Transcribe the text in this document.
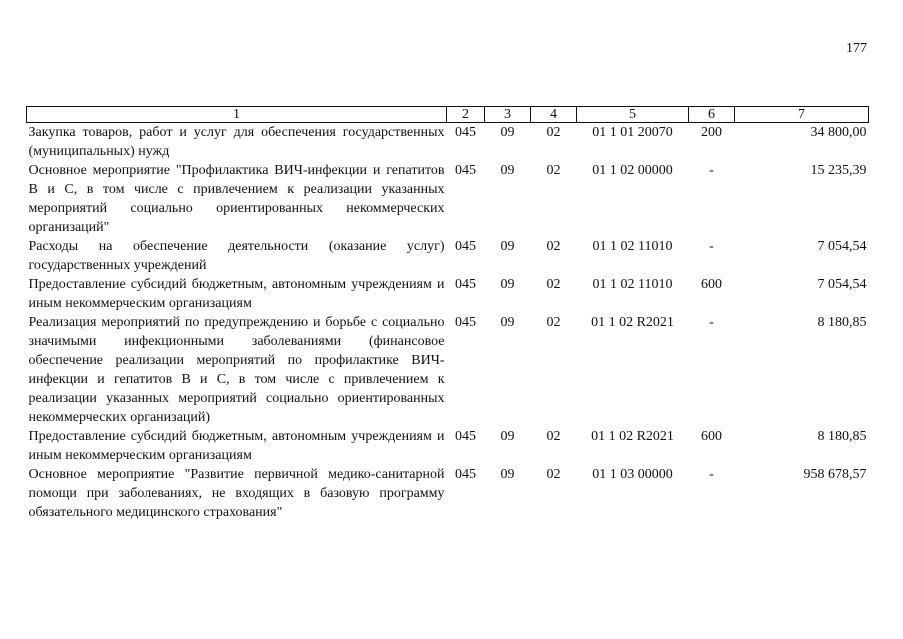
177
1	2	3	4	5	6	7
Закупка товаров, работ и услуг для обеспечения государственных (муниципальных) нужд	045	09	02	01 1 01 20070	200	34 800,00
Основное мероприятие "Профилактика ВИЧ-инфекции и гепатитов В и С, в том числе с привлечением к реализации указанных мероприятий социально ориентированных некоммерческих организаций"	045	09	02	01 1 02 00000	-	15 235,39
Расходы на обеспечение деятельности (оказание услуг) государственных учреждений	045	09	02	01 1 02 11010	-	7 054,54
Предоставление субсидий бюджетным, автономным учреждениям и иным некоммерческим организациям	045	09	02	01 1 02 11010	600	7 054,54
Реализация мероприятий по предупреждению и борьбе с социально значимыми инфекционными заболеваниями (финансовое обеспечение реализации мероприятий по профилактике ВИЧ-инфекции и гепатитов В и С, в том числе с привлечением к реализации указанных мероприятий социально ориентированных некоммерческих организаций)	045	09	02	01 1 02 R2021	-	8 180,85
Предоставление субсидий бюджетным, автономным учреждениям и иным некоммерческим организациям	045	09	02	01 1 02 R2021	600	8 180,85
Основное мероприятие "Развитие первичной медико-санитарной помощи при заболеваниях, не входящих в базовую программу обязательного медицинского страхования"	045	09	02	01 1 03 00000	-	958 678,57
